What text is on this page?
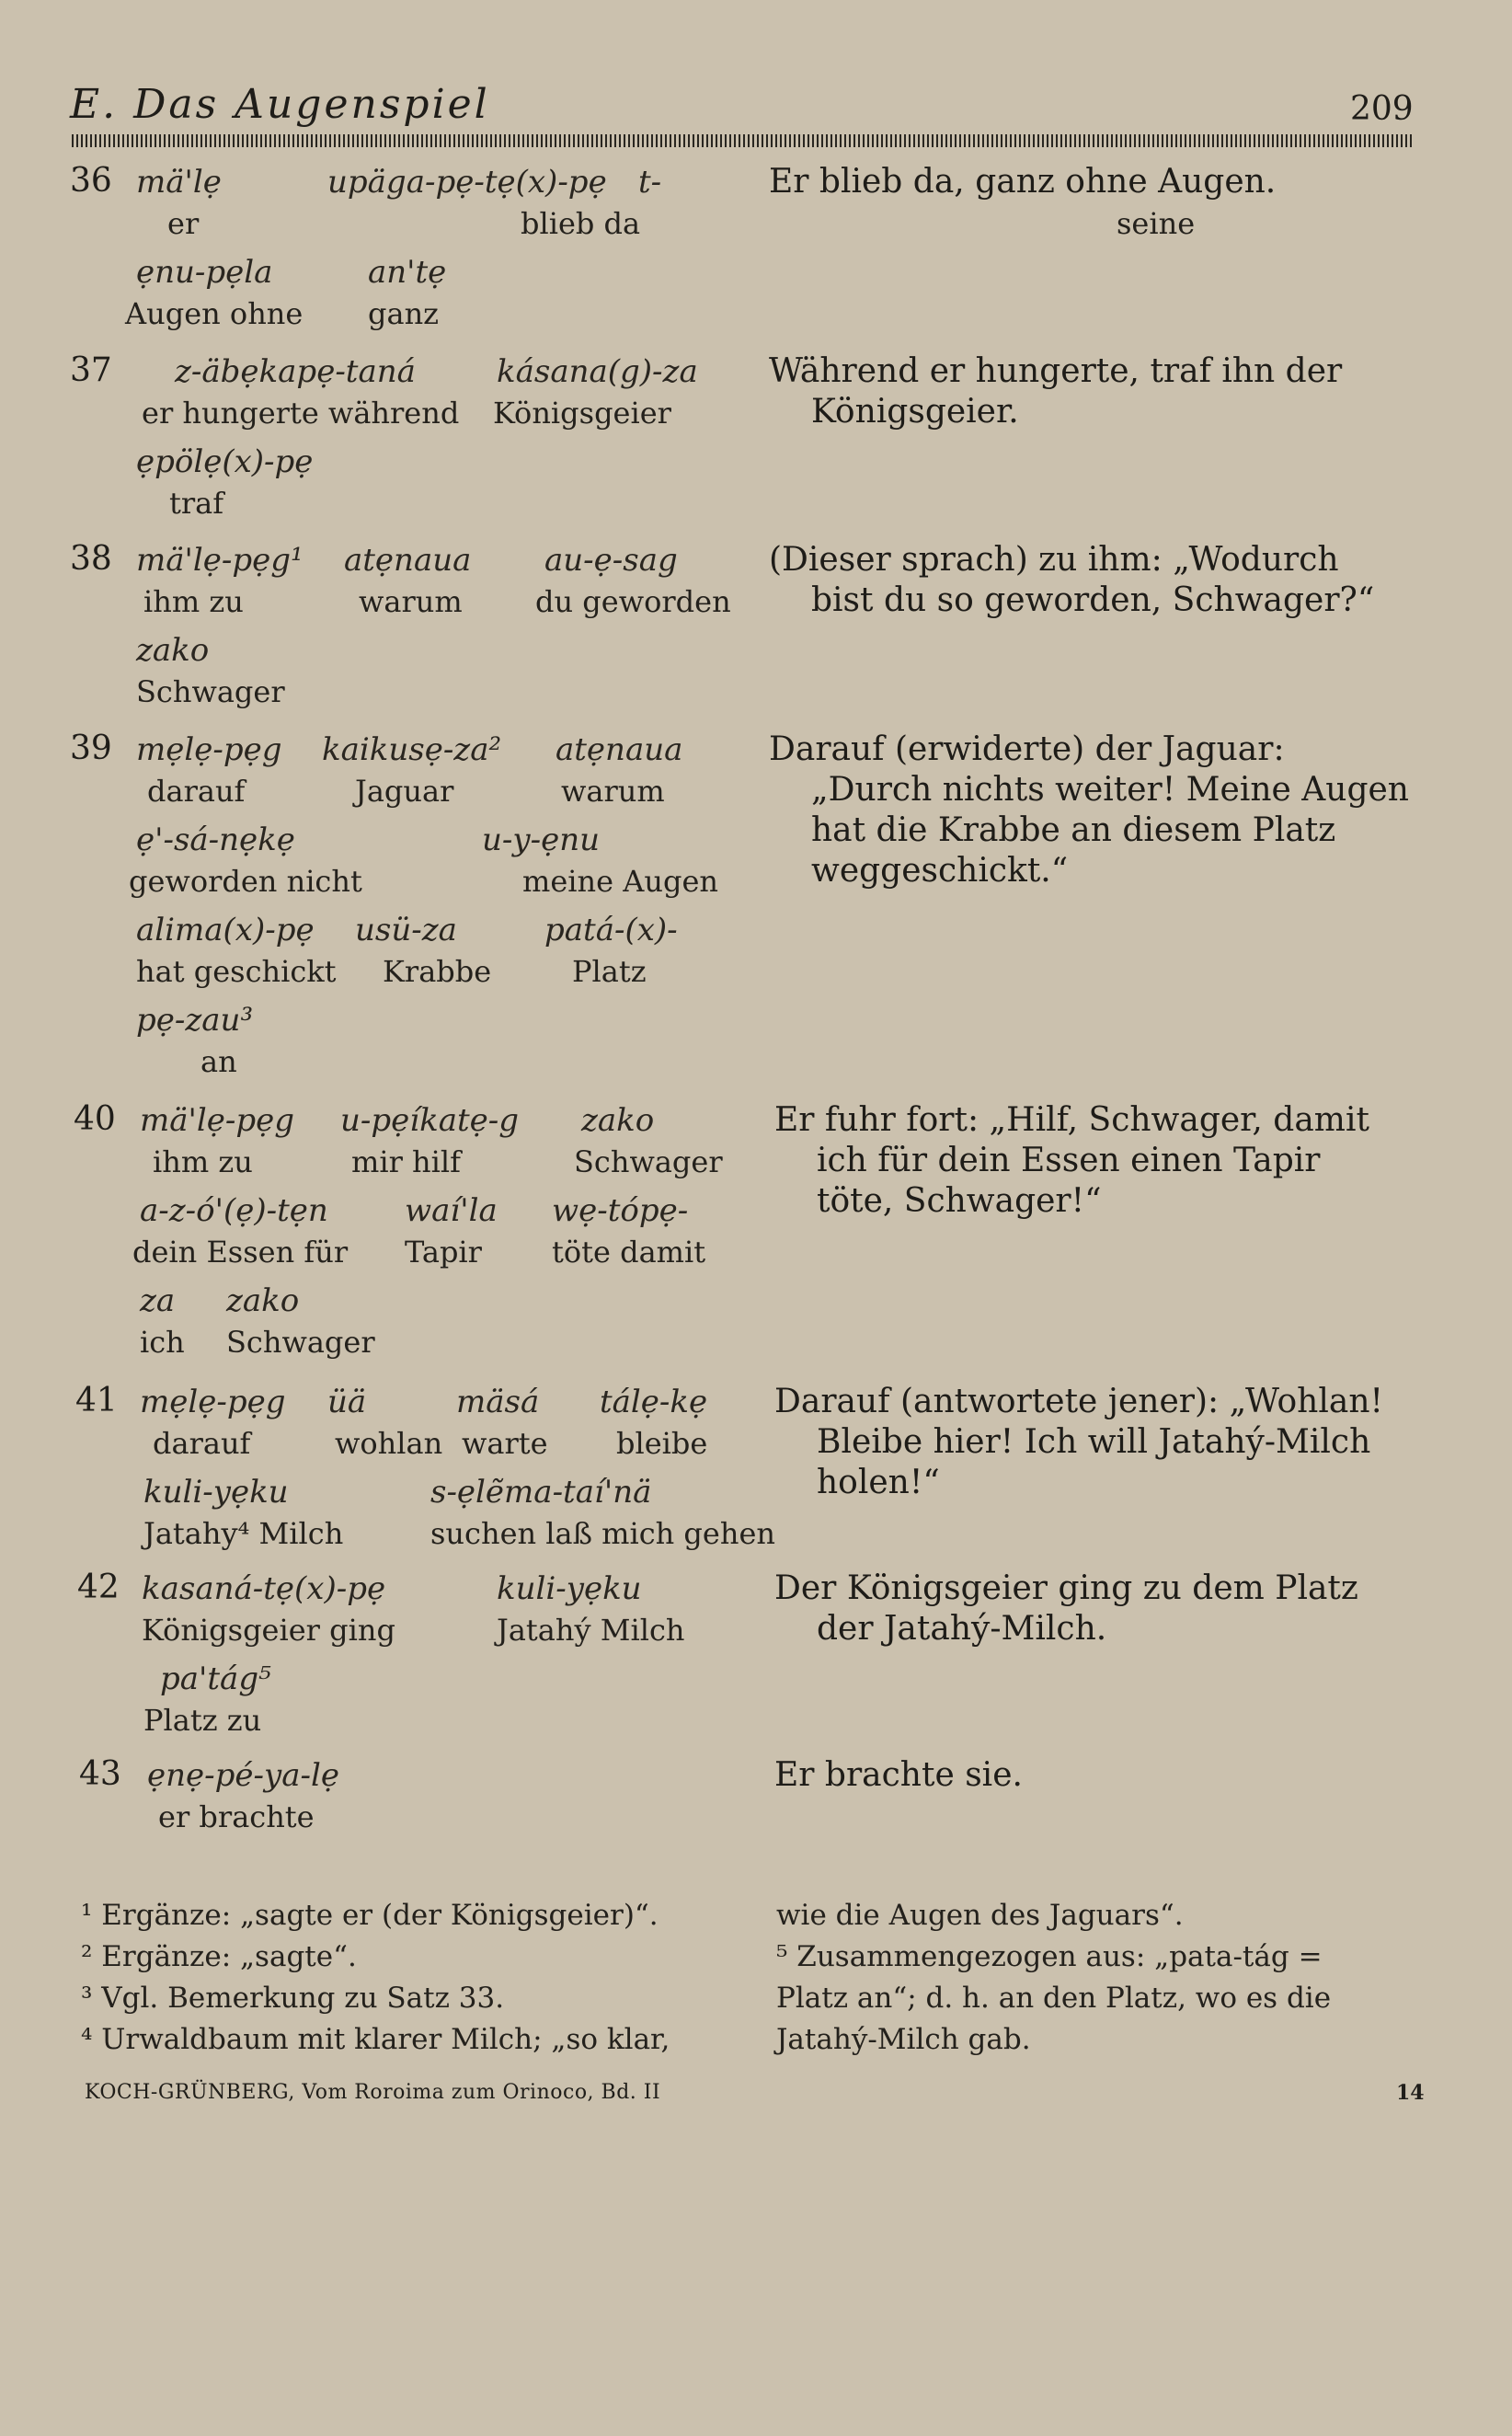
E. Das Augenspiel	209
36 mä'lẹ
er
upäga-pẹ-tẹ(x)-pẹ
blieb da
t-
seine
ẹnu-pẹla
Augen ohne
an'tẹ
ganz
Er blieb da, ganz ohne Augen.
37 z-äbẹkapẹ-taná
er hungerte während
kásana(g)-za
Königsgeier
ẹpölẹ(x)-pẹ
traf
Während er hungerte, traf ihn der
Königsgeier.
38 mä'lẹ-pẹg¹
ihm zu
atẹnaua
warum
au-ẹ-sag
du geworden
zako
Schwager
(Dieser sprach) zu ihm: „Wodurch
bist du so geworden, Schwager?“
39 mẹlẹ-pẹg
darauf
kaikusẹ-za²
Jaguar
atẹnaua
warum
ẹ'-sá-nẹkẹ
geworden nicht
u-y-ẹnu
meine Augen
alima(x)-pẹ
hat geschickt
usü-za
Krabbe
patá-(x)-
Platz
pẹ-zau³
an
Darauf (erwiderte) der Jaguar:
„Durch nichts weiter! Meine Augen
hat die Krabbe an diesem Platz
weggeschickt.“
40 mä'lẹ-pẹg
ihm zu
u-pẹíkatẹ-g
mir hilf
zako
Schwager
a-z-ó'(ẹ)-tẹn
dein Essen für
waí'la
Tapir
wẹ-tópẹ-
töte damit
za
ich
zako
Schwager
Er fuhr fort: „Hilf, Schwager, damit
ich für dein Essen einen Tapir
töte, Schwager!“
41 mẹlẹ-pẹg
darauf
üä
wohlan
mäsá
warte
tálẹ-kẹ
bleibe
kuli-yẹku
Jatahy⁴ Milch
s-ẹlẽma-taí'nä
suchen laß mich gehen
Darauf (antwortete jener): „Wohlan!
Bleibe hier! Ich will Jatahý-Milch
holen!“
42 kasaná-tẹ(x)-pẹ
Königsgeier ging
kuli-yẹku
Jatahý Milch
pa'tág⁵
Platz zu
Der Königsgeier ging zu dem Platz
der Jatahý-Milch.
43 ẹnẹ-pé-ya-lẹ
er brachte
Er brachte sie.
¹ Ergänze: „sagte er (der Königsgeier)“.
² Ergänze: „sagte“.
³ Vgl. Bemerkung zu Satz 33.
⁴ Urwaldbaum mit klarer Milch; „so klar,
wie die Augen des Jaguars“.
⁵ Zusammengezogen aus: „pata-tág =
Platz an“; d. h. an den Platz, wo es die
Jatahý-Milch gab.
KOCH-GRÜNBERG, Vom Roroima zum Orinoco, Bd. II	14
